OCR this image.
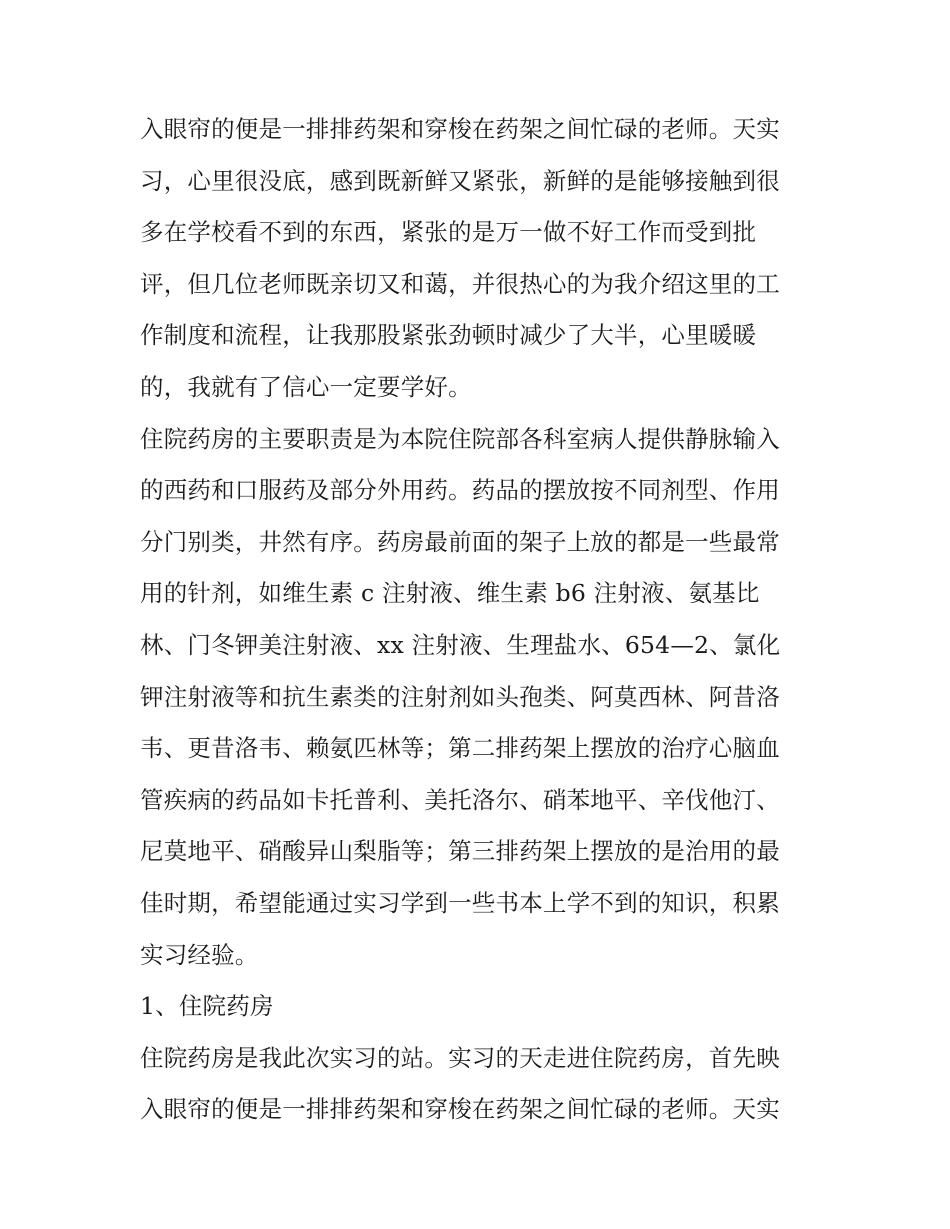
入眼帘的便是一排排药架和穿梭在药架之间忙碌的老师。天实
习，心里很没底，感到既新鲜又紧张，新鲜的是能够接触到很
多在学校看不到的东西，紧张的是万一做不好工作而受到批
评，但几位老师既亲切又和蔼，并很热心的为我介绍这里的工
作制度和流程，让我那股紧张劲顿时减少了大半，心里暖暖
的，我就有了信心一定要学好。
住院药房的主要职责是为本院住院部各科室病人提供静脉输入
的西药和口服药及部分外用药。药品的摆放按不同剂型、作用
分门别类，井然有序。药房最前面的架子上放的都是一些最常
用的针剂，如维生素 c 注射液、维生素 b6 注射液、氨基比
林、门冬钾美注射液、xx 注射液、生理盐水、654—2、氯化
钾注射液等和抗生素类的注射剂如头孢类、阿莫西林、阿昔洛
韦、更昔洛韦、赖氨匹林等；第二排药架上摆放的治疗心脑血
管疾病的药品如卡托普利、美托洛尔、硝苯地平、辛伐他汀、
尼莫地平、硝酸异山梨脂等；第三排药架上摆放的是治用的最
佳时期，希望能通过实习学到一些书本上学不到的知识，积累
实习经验。
1、住院药房
住院药房是我此次实习的站。实习的天走进住院药房，首先映
入眼帘的便是一排排药架和穿梭在药架之间忙碌的老师。天实
